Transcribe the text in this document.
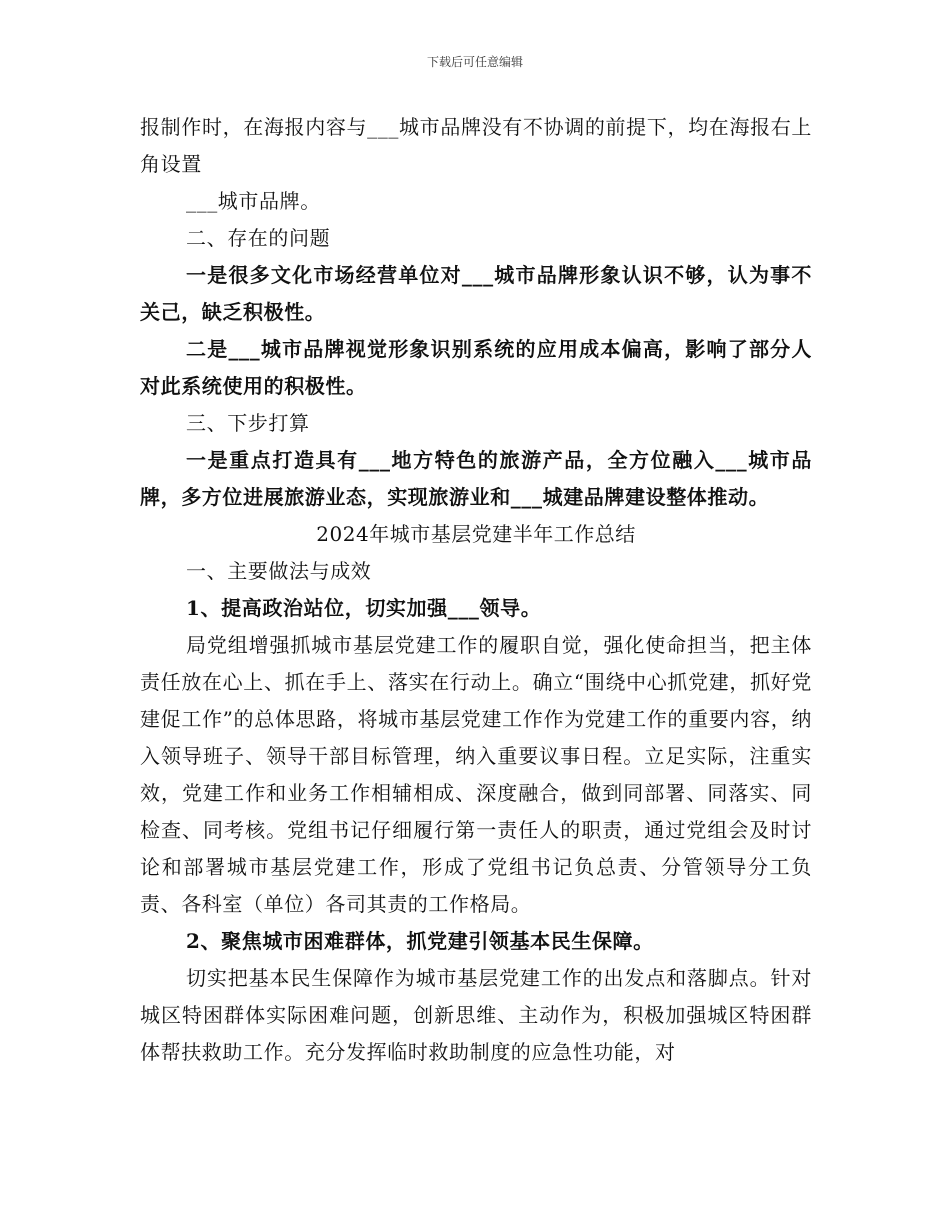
下载后可任意编辑

报制作时，在海报内容与___城市品牌没有不协调的前提下，均在海报右上角设置

___城市品牌。

二、存在的问题

一是很多文化市场经营单位对___城市品牌形象认识不够，认为事不关己，缺乏积极性。

二是___城市品牌视觉形象识别系统的应用成本偏高，影响了部分人对此系统使用的积极性。

三、下步打算

一是重点打造具有___地方特色的旅游产品，全方位融入___城市品牌，多方位进展旅游业态，实现旅游业和___城建品牌建设整体推动。

2024年城市基层党建半年工作总结

一、主要做法与成效

1、提高政治站位，切实加强___领导。

局党组增强抓城市基层党建工作的履职自觉，强化使命担当，把主体责任放在心上、抓在手上、落实在行动上。确立“围绕中心抓党建，抓好党建促工作”的总体思路，将城市基层党建工作作为党建工作的重要内容，纳入领导班子、领导干部目标管理，纳入重要议事日程。立足实际，注重实效，党建工作和业务工作相辅相成、深度融合，做到同部署、同落实、同检查、同考核。党组书记仔细履行第一责任人的职责，通过党组会及时讨论和部署城市基层党建工作，形成了党组书记负总责、分管领导分工负责、各科室（单位）各司其责的工作格局。

2、聚焦城市困难群体，抓党建引领基本民生保障。

切实把基本民生保障作为城市基层党建工作的出发点和落脚点。针对城区特困群体实际困难问题，创新思维、主动作为，积极加强城区特困群体帮扶救助工作。充分发挥临时救助制度的应急性功能，对
